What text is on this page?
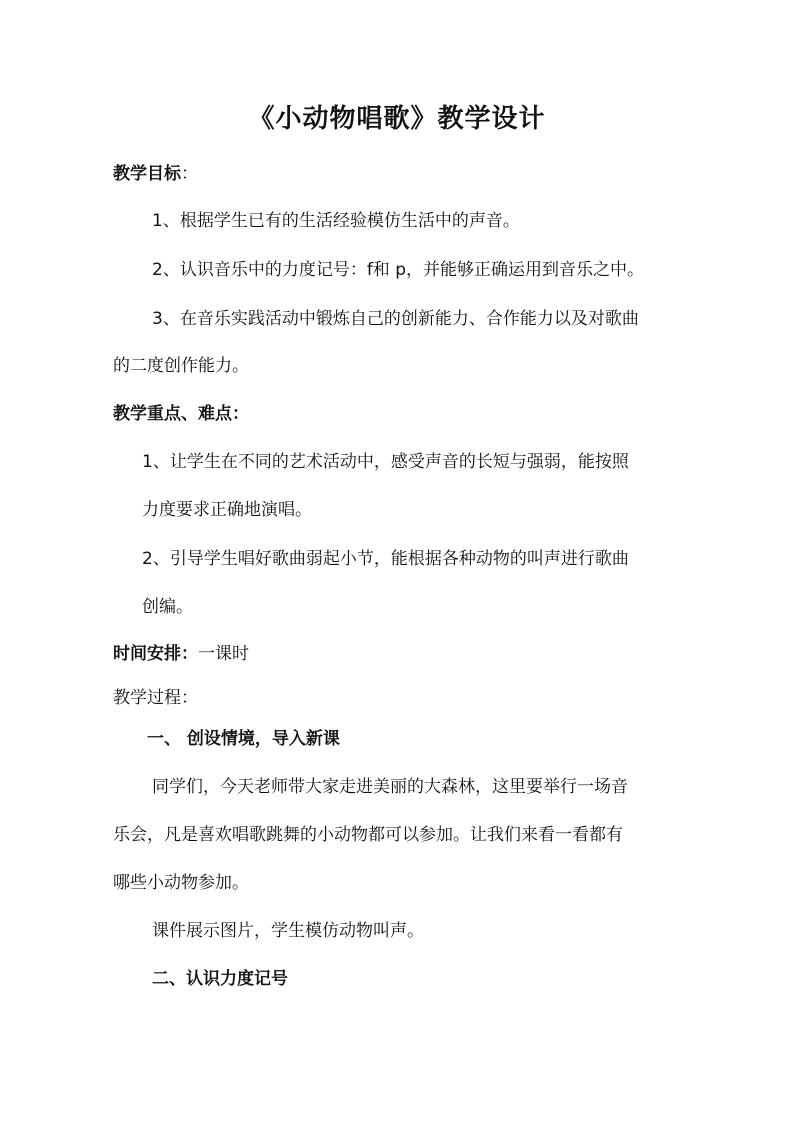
《小动物唱歌》教学设计
教学目标：
1、根据学生已有的生活经验模仿生活中的声音。
2、认识音乐中的力度记号：f和 p，并能够正确运用到音乐之中。
3、在音乐实践活动中锻炼自己的创新能力、合作能力以及对歌曲
的二度创作能力。
教学重点、难点：
1、让学生在不同的艺术活动中，感受声音的长短与强弱，能按照
力度要求正确地演唱。
2、引导学生唱好歌曲弱起小节，能根据各种动物的叫声进行歌曲
创编。
时间安排：一课时
教学过程：
一、 创设情境，导入新课
同学们，今天老师带大家走进美丽的大森林，这里要举行一场音
乐会，凡是喜欢唱歌跳舞的小动物都可以参加。让我们来看一看都有
哪些小动物参加。
课件展示图片，学生模仿动物叫声。
二、认识力度记号
